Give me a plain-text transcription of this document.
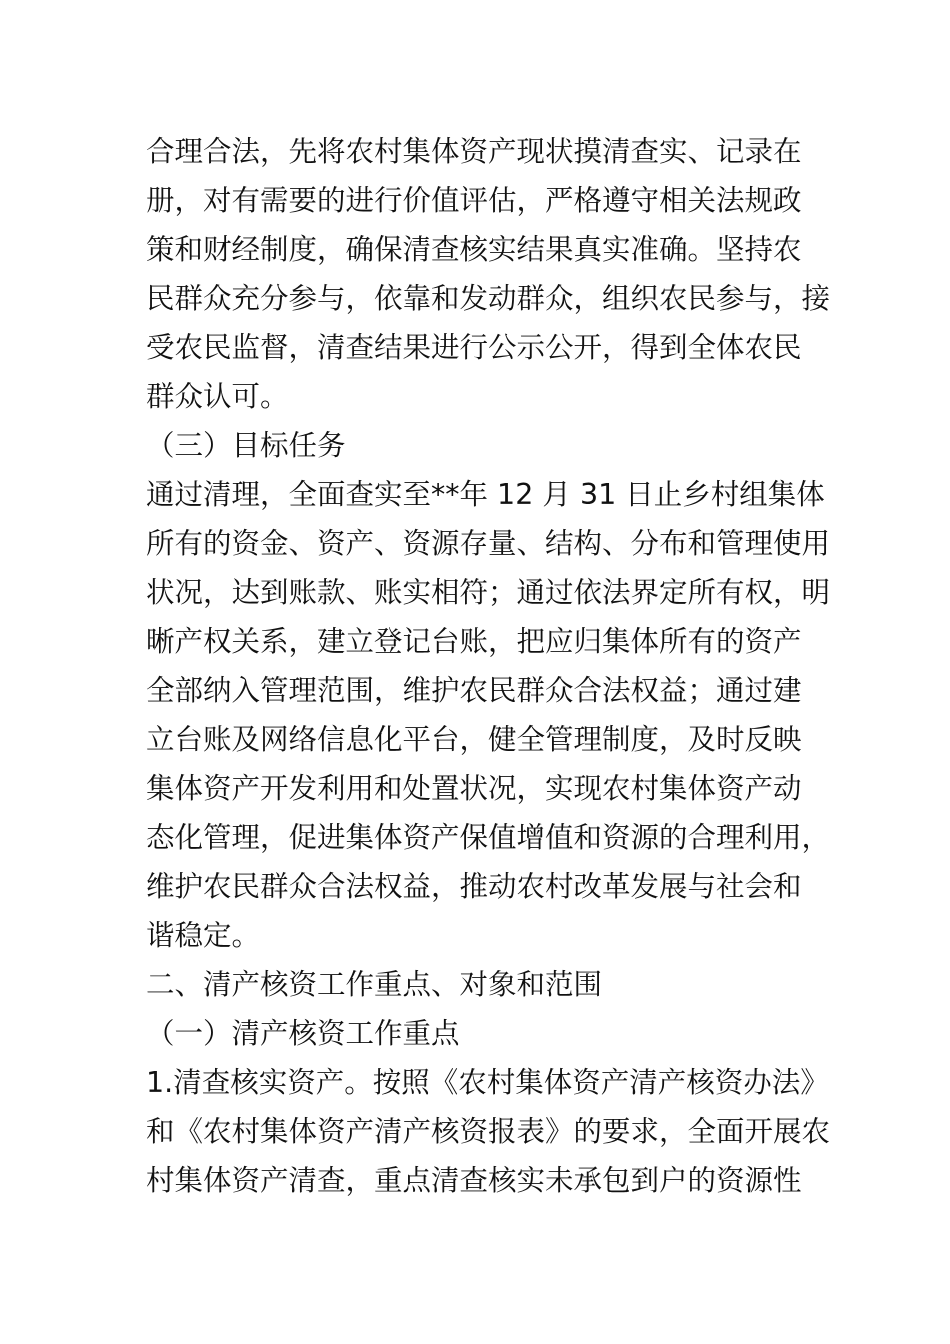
合理合法，先将农村集体资产现状摸清查实、记录在
册，对有需要的进行价值评估，严格遵守相关法规政
策和财经制度，确保清查核实结果真实准确。坚持农
民群众充分参与，依靠和发动群众，组织农民参与，接
受农民监督，清查结果进行公示公开，得到全体农民
群众认可。
（三）目标任务
通过清理，全面查实至**年 12 月 31 日止乡村组集体
所有的资金、资产、资源存量、结构、分布和管理使用
状况，达到账款、账实相符；通过依法界定所有权，明
晰产权关系，建立登记台账，把应归集体所有的资产
全部纳入管理范围，维护农民群众合法权益；通过建
立台账及网络信息化平台，健全管理制度，及时反映
集体资产开发利用和处置状况，实现农村集体资产动
态化管理，促进集体资产保值增值和资源的合理利用，
维护农民群众合法权益，推动农村改革发展与社会和
谐稳定。
二、清产核资工作重点、对象和范围
（一）清产核资工作重点
1.清查核实资产。按照《农村集体资产清产核资办法》
和《农村集体资产清产核资报表》的要求，全面开展农
村集体资产清查，重点清查核实未承包到户的资源性
